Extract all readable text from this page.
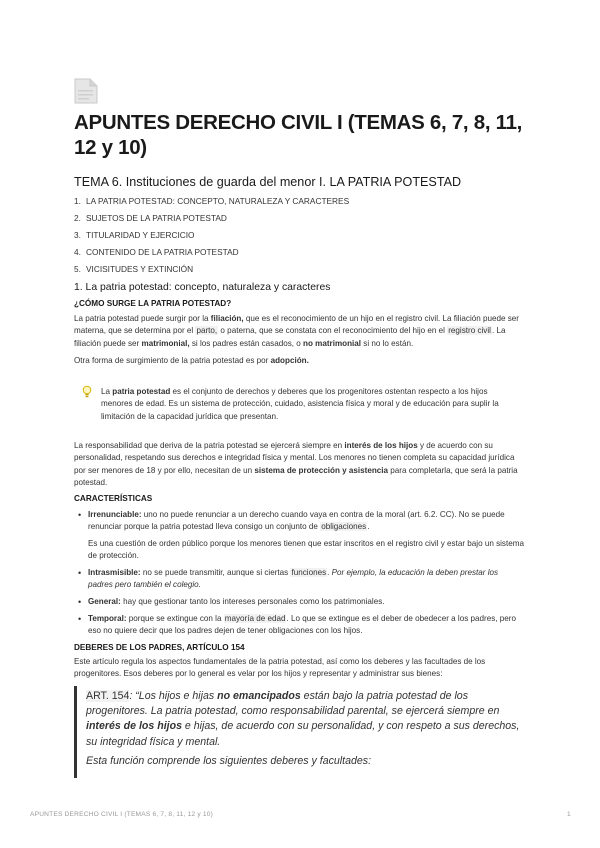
APUNTES DERECHO CIVIL I (TEMAS 6, 7, 8, 11, 12 y 10)
TEMA 6. Instituciones de guarda del menor I. LA PATRIA POTESTAD
1. LA PATRIA POTESTAD: CONCEPTO, NATURALEZA Y CARACTERES
2. SUJETOS DE LA PATRIA POTESTAD
3. TITULARIDAD Y EJERCICIO
4. CONTENIDO DE LA PATRIA POTESTAD
5. VICISITUDES Y EXTINCIÓN
1. La patria potestad: concepto, naturaleza y caracteres
¿CÓMO SURGE LA PATRIA POTESTAD?
La patria potestad puede surgir por la filiación, que es el reconocimiento de un hijo en el registro civil. La filiación puede ser materna, que se determina por el parto, o paterna, que se constata con el reconocimiento del hijo en el registro civil. La filiación puede ser matrimonial, si los padres están casados, o no matrimonial si no lo están.
Otra forma de surgimiento de la patria potestad es por adopción.
La patria potestad es el conjunto de derechos y deberes que los progenitores ostentan respecto a los hijos menores de edad. Es un sistema de protección, cuidado, asistencia física y moral y de educación para suplir la limitación de la capacidad jurídica que presentan.
La responsabilidad que deriva de la patria potestad se ejercerá siempre en interés de los hijos y de acuerdo con su personalidad, respetando sus derechos e integridad física y mental. Los menores no tienen completa su capacidad jurídica por ser menores de 18 y por ello, necesitan de un sistema de protección y asistencia para completarla, que será la patria potestad.
CARACTERÍSTICAS
• Irrenunciable: uno no puede renunciar a un derecho cuando vaya en contra de la moral (art. 6.2. CC). No se puede renunciar porque la patria potestad lleva consigo un conjunto de obligaciones.
Es una cuestión de orden público porque los menores tienen que estar inscritos en el registro civil y estar bajo un sistema de protección.
• Intrasmisible: no se puede transmitir, aunque si ciertas funciones. Por ejemplo, la educación la deben prestar los padres pero también el colegio.
• General: hay que gestionar tanto los intereses personales como los patrimoniales.
• Temporal: porque se extingue con la mayoría de edad. Lo que se extingue es el deber de obedecer a los padres, pero eso no quiere decir que los padres dejen de tener obligaciones con los hijos.
DEBERES DE LOS PADRES, ARTÍCULO 154
Este artículo regula los aspectos fundamentales de la patria potestad, así como los deberes y las facultades de los progenitores. Esos deberes por lo general es velar por los hijos y representar y administrar sus bienes:
ART. 154: “Los hijos e hijas no emancipados están bajo la patria potestad de los progenitores. La patria potestad, como responsabilidad parental, se ejercerá siempre en interés de los hijos e hijas, de acuerdo con su personalidad, y con respeto a sus derechos, su integridad física y mental.
Esta función comprende los siguientes deberes y facultades:
APUNTES DERECHO CIVIL I (TEMAS 6, 7, 8, 11, 12 y 10)	1
